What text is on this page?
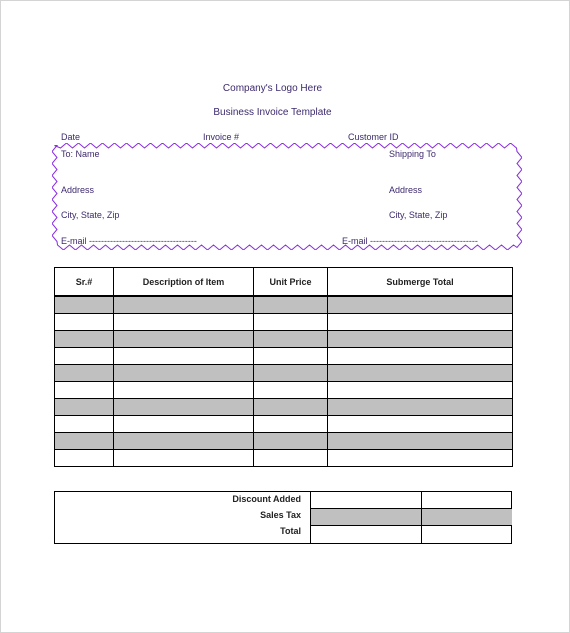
Company's Logo Here
Business Invoice Template
Date	Invoice #	Customer ID
To: Name
Address
City, State, Zip
E-mail ------------------------------------
Shipping To
Address
City, State, Zip
E-mail ------------------------------------
Sr.#	Description of Item	Unit Price	Submerge Total

Discount Added
Sales Tax
Total
